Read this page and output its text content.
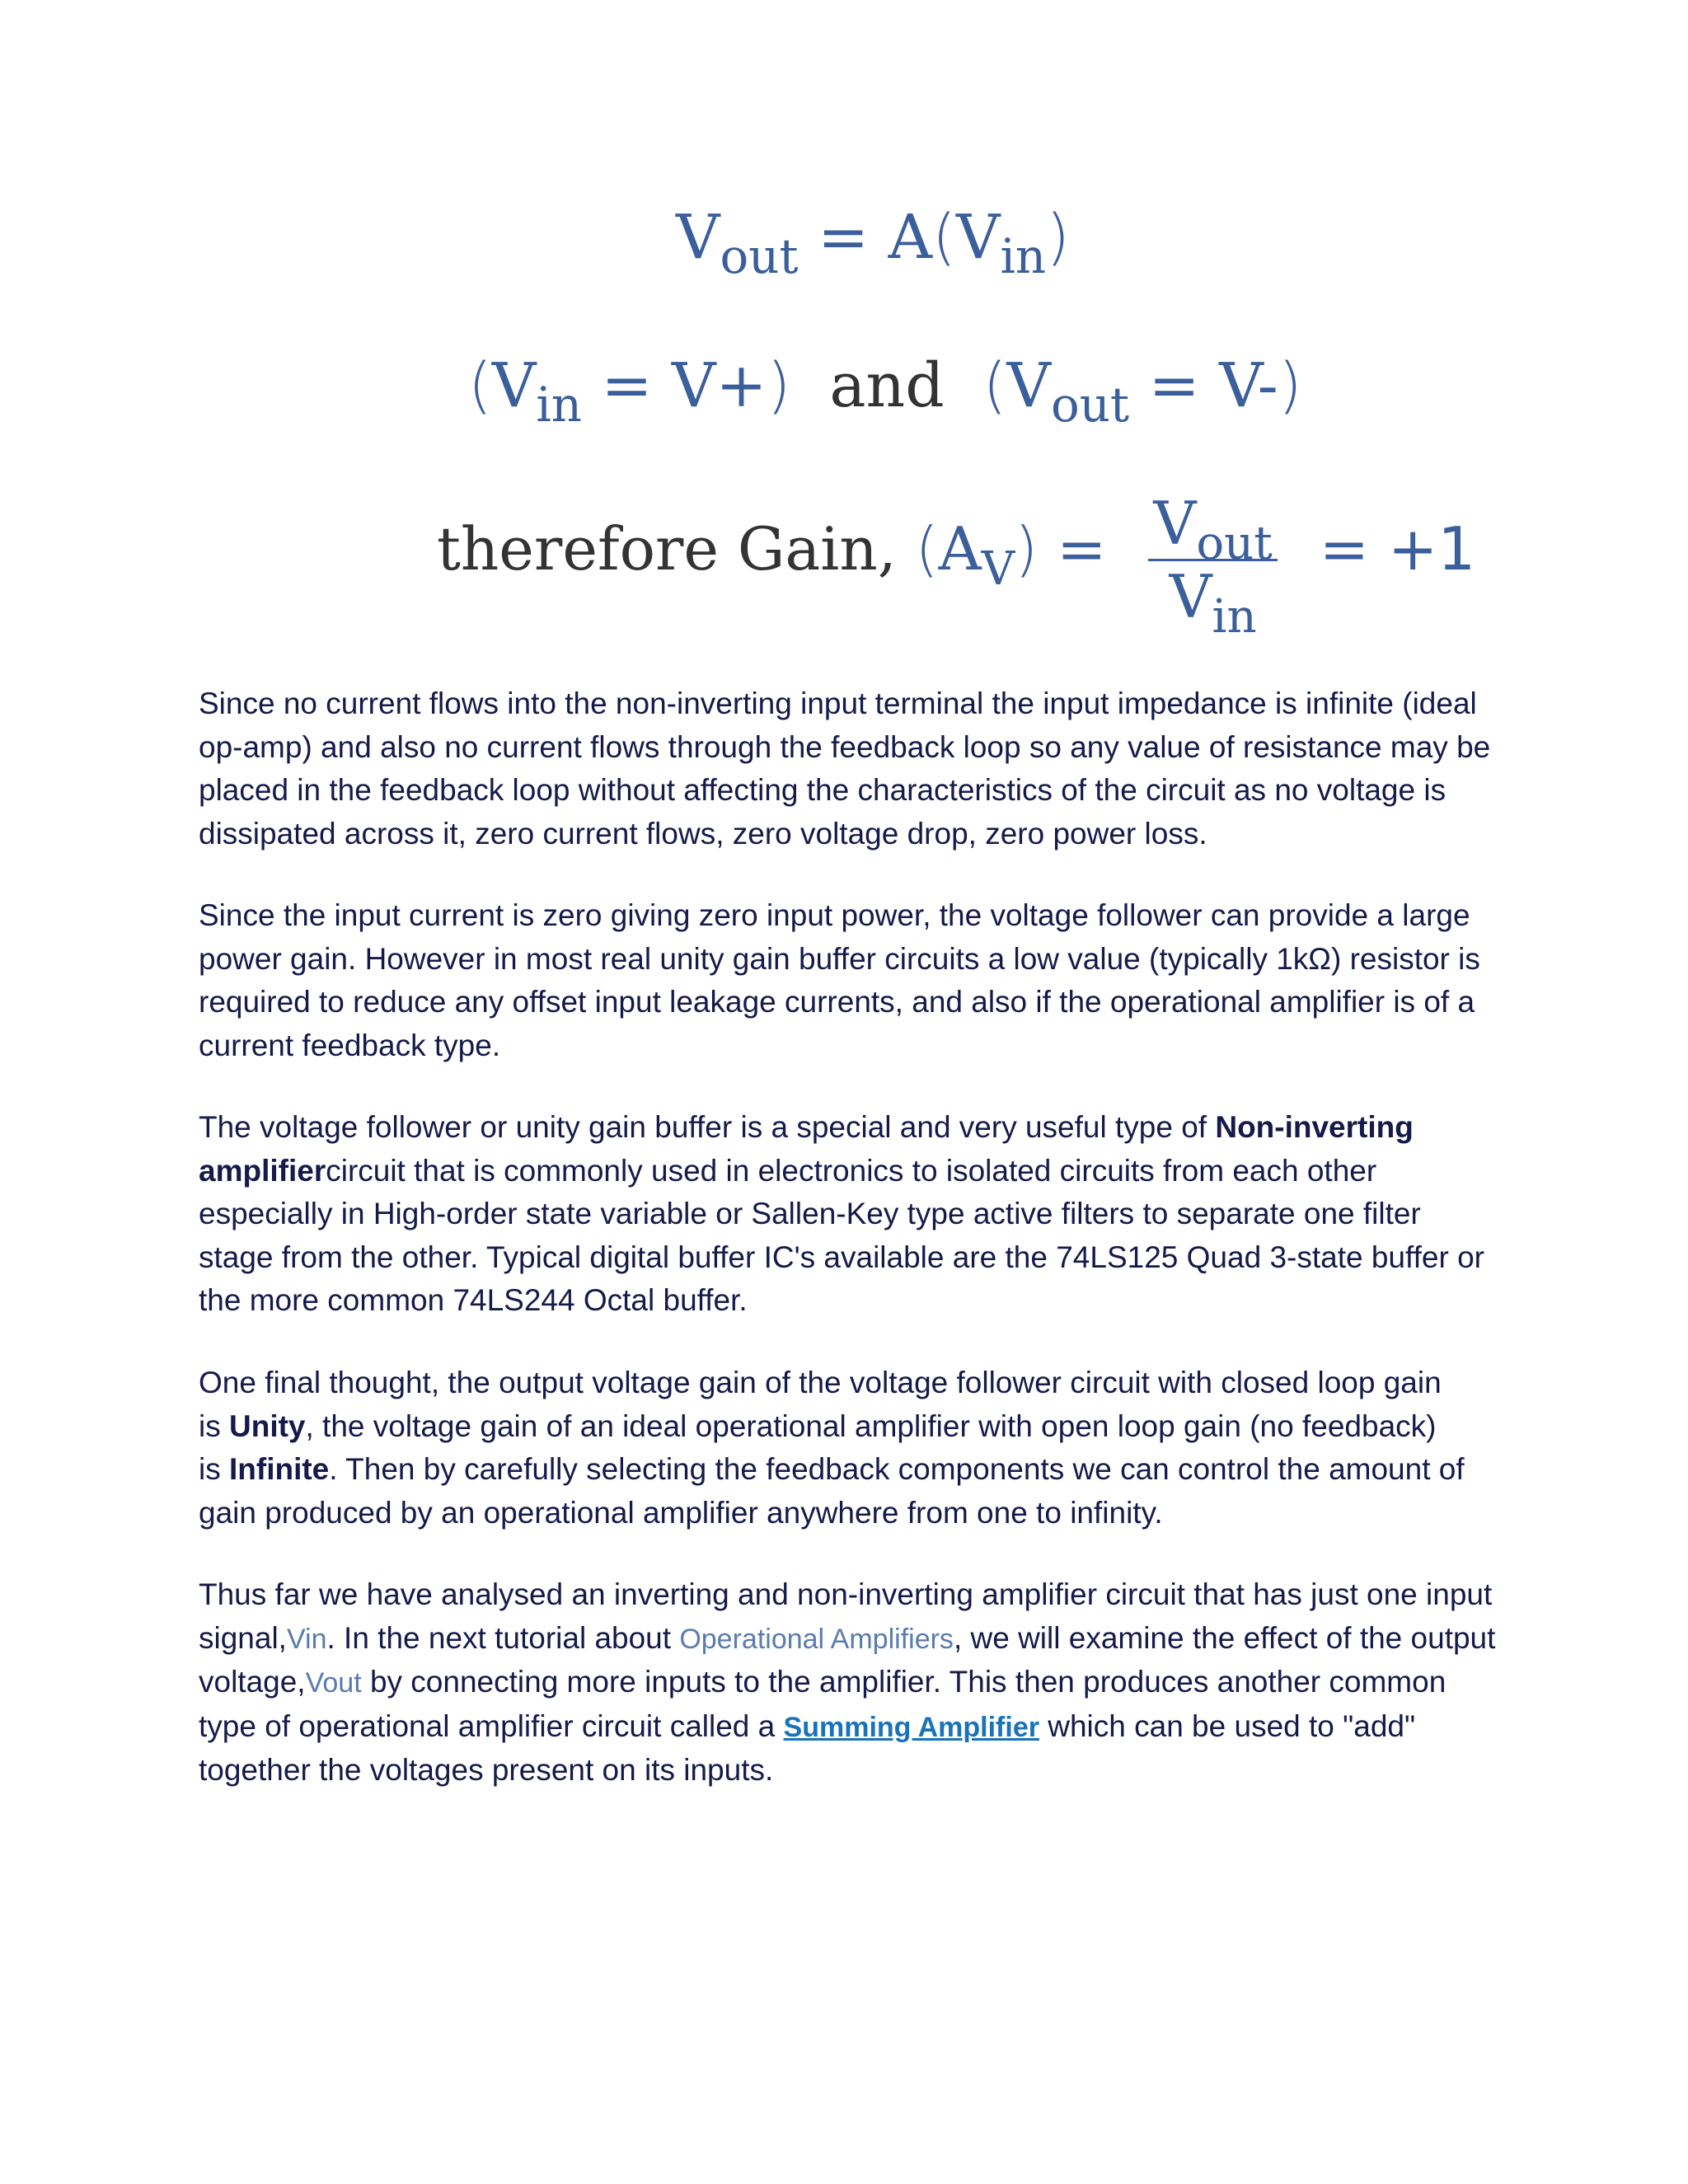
$V_{out} = A(V_{in})$
$(V_{in} = V+)$ and $(V_{out} = V-)$
therefore Gain, $(A_V) = \frac{V_{out}}{V_{in}} = +1$
Since no current flows into the non-inverting input terminal the input impedance is infinite (ideal
op-amp) and also no current flows through the feedback loop so any value of resistance may be
placed in the feedback loop without affecting the characteristics of the circuit as no voltage is
dissipated across it, zero current flows, zero voltage drop, zero power loss.
Since the input current is zero giving zero input power, the voltage follower can provide a large
power gain. However in most real unity gain buffer circuits a low value (typically 1kΩ) resistor is
required to reduce any offset input leakage currents, and also if the operational amplifier is of a
current feedback type.
The voltage follower or unity gain buffer is a special and very useful type of Non-inverting
amplifiercircuit that is commonly used in electronics to isolated circuits from each other
especially in High-order state variable or Sallen-Key type active filters to separate one filter
stage from the other. Typical digital buffer IC's available are the 74LS125 Quad 3-state buffer or
the more common 74LS244 Octal buffer.
One final thought, the output voltage gain of the voltage follower circuit with closed loop gain
is Unity, the voltage gain of an ideal operational amplifier with open loop gain (no feedback)
is Infinite. Then by carefully selecting the feedback components we can control the amount of
gain produced by an operational amplifier anywhere from one to infinity.
Thus far we have analysed an inverting and non-inverting amplifier circuit that has just one input
signal,Vin. In the next tutorial about Operational Amplifiers, we will examine the effect of the output
voltage,Vout by connecting more inputs to the amplifier. This then produces another common
type of operational amplifier circuit called a Summing Amplifier which can be used to "add"
together the voltages present on its inputs.
